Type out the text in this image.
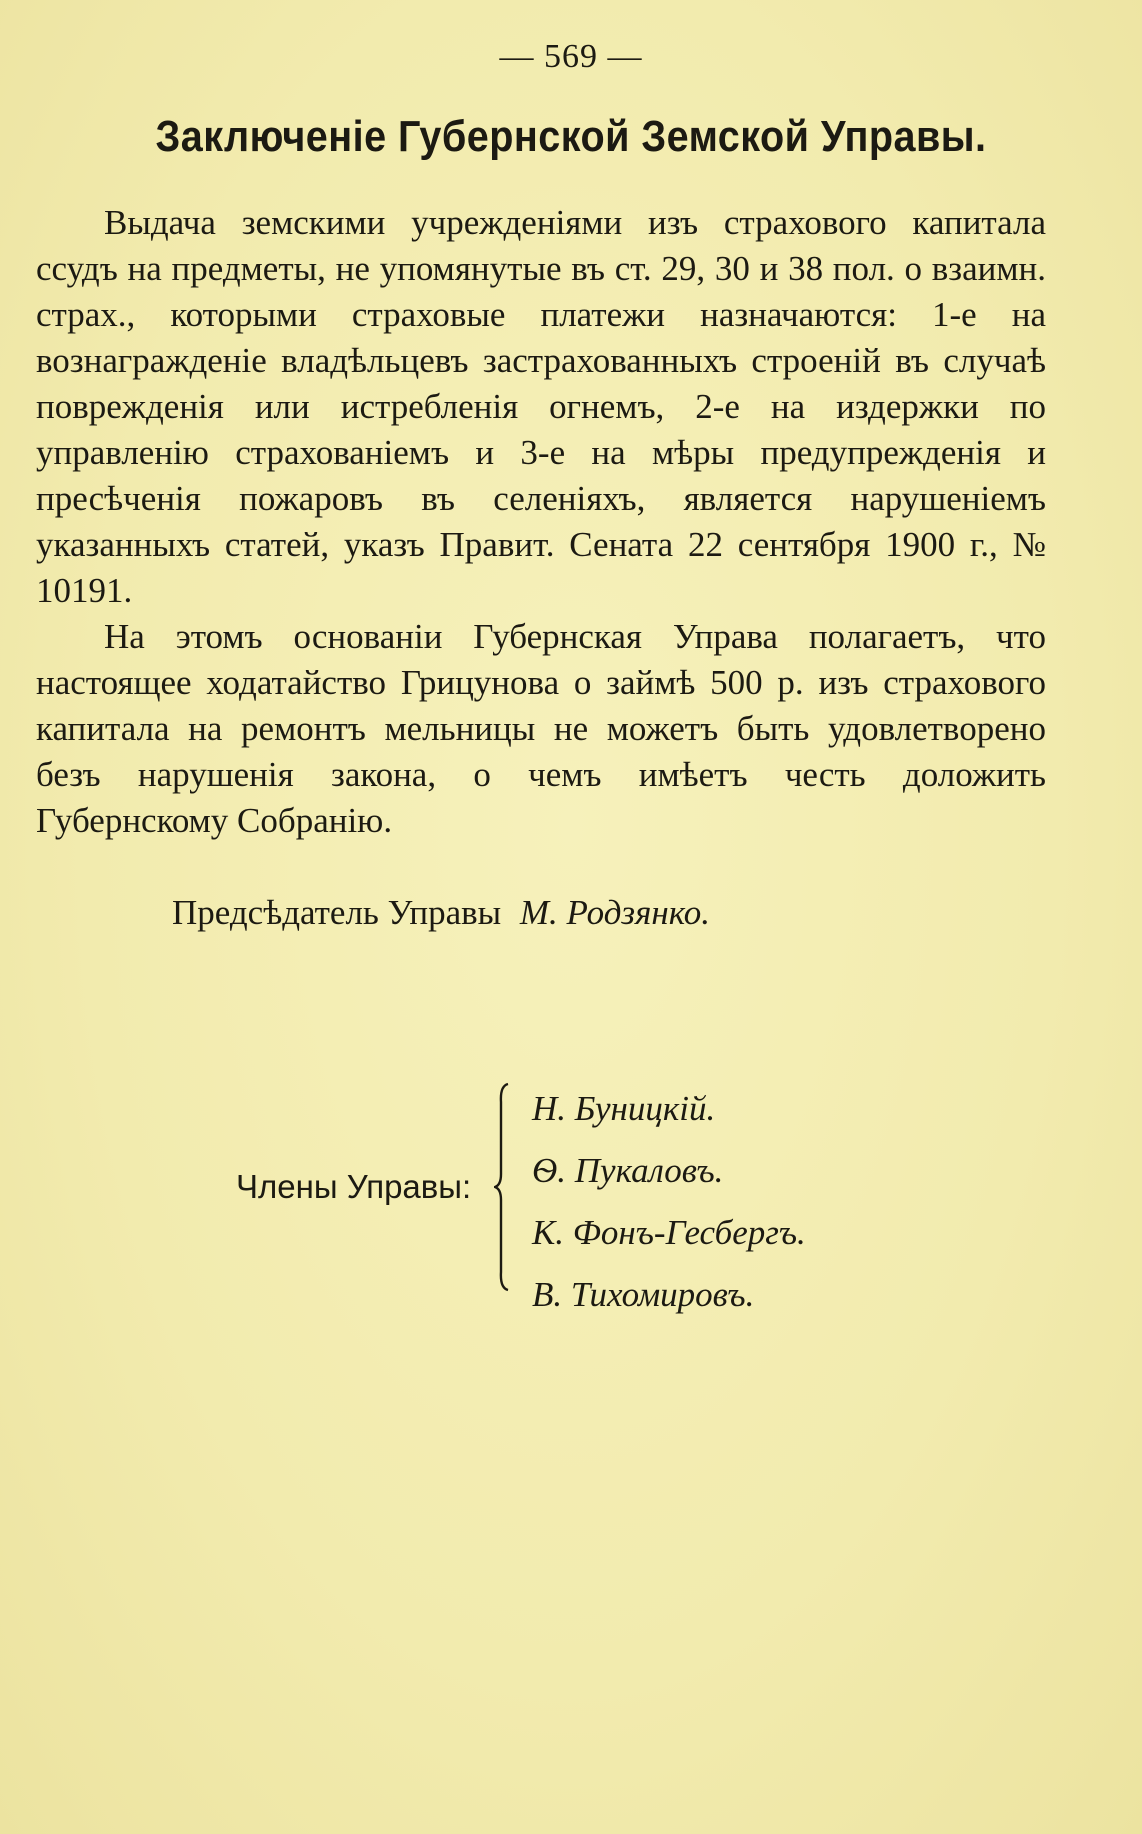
— 569 —
Заключеніе Губернской Земской Управы.

Выдача земскими учрежденіями изъ страхового капитала ссудъ на предметы, не упомянутые въ ст. 29, 30 и 38 пол. о взаимн. страх., которыми страховые платежи назначаются: 1-е на вознагражденіе владѣльцевъ застрахованныхъ строеній въ случаѣ поврежденія или истребленія огнемъ, 2-е на издержки по управленію страхованіемъ и 3-е на мѣры предупрежденія и пресѣченія пожаровъ въ селеніяхъ, является нарушеніемъ указанныхъ статей, указъ Правит. Сената 22 сентября 1900 г., № 10191.

На этомъ основаніи Губернская Управа полагаетъ, что настоящее ходатайство Грицунова о займѣ 500 р. изъ страхового капитала на ремонтъ мельницы не можетъ быть удовлетворено безъ нарушенія закона, о чемъ имѣетъ честь доложить Губернскому Собранію.

Предсѣдатель Управы М. Родзянко.
Члены Управы:
Н. Буницкій.
Ѳ. Пукаловъ.
К. Фонъ-Гесбергъ.
В. Тихомировъ.
